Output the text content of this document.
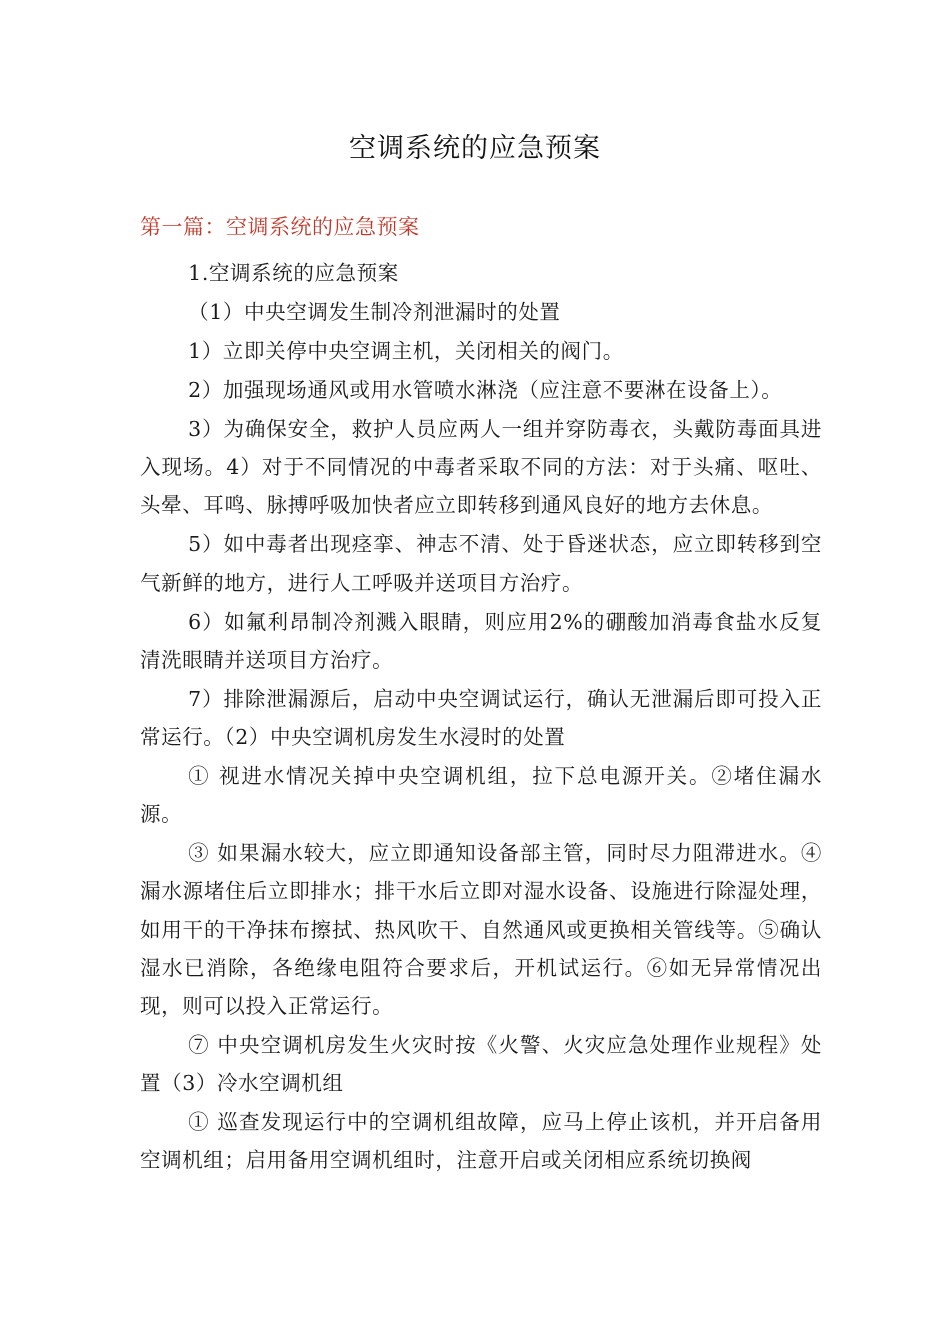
空调系统的应急预案
第一篇：空调系统的应急预案

1.空调系统的应急预案

（1）中央空调发生制冷剂泄漏时的处置

1）立即关停中央空调主机，关闭相关的阀门。

2）加强现场通风或用水管喷水淋浇（应注意不要淋在设备上）。

3）为确保安全，救护人员应两人一组并穿防毒衣，头戴防毒面具进入现场。4）对于不同情况的中毒者采取不同的方法：对于头痛、呕吐、头晕、耳鸣、脉搏呼吸加快者应立即转移到通风良好的地方去休息。

5）如中毒者出现痉挛、神志不清、处于昏迷状态，应立即转移到空气新鲜的地方，进行人工呼吸并送项目方治疗。

6）如氟利昂制冷剂溅入眼睛，则应用2%的硼酸加消毒食盐水反复清洗眼睛并送项目方治疗。

7）排除泄漏源后，启动中央空调试运行，确认无泄漏后即可投入正常运行。（2）中央空调机房发生水浸时的处置

① 视进水情况关掉中央空调机组，拉下总电源开关。②堵住漏水源。

③ 如果漏水较大，应立即通知设备部主管，同时尽力阻滞进水。④漏水源堵住后立即排水；排干水后立即对湿水设备、设施进行除湿处理，如用干的干净抹布擦拭、热风吹干、自然通风或更换相关管线等。⑤确认湿水已消除，各绝缘电阻符合要求后，开机试运行。⑥如无异常情况出现，则可以投入正常运行。

⑦ 中央空调机房发生火灾时按《火警、火灾应急处理作业规程》处置（3）冷水空调机组

① 巡查发现运行中的空调机组故障，应马上停止该机，并开启备用空调机组；启用备用空调机组时，注意开启或关闭相应系统切换阀
